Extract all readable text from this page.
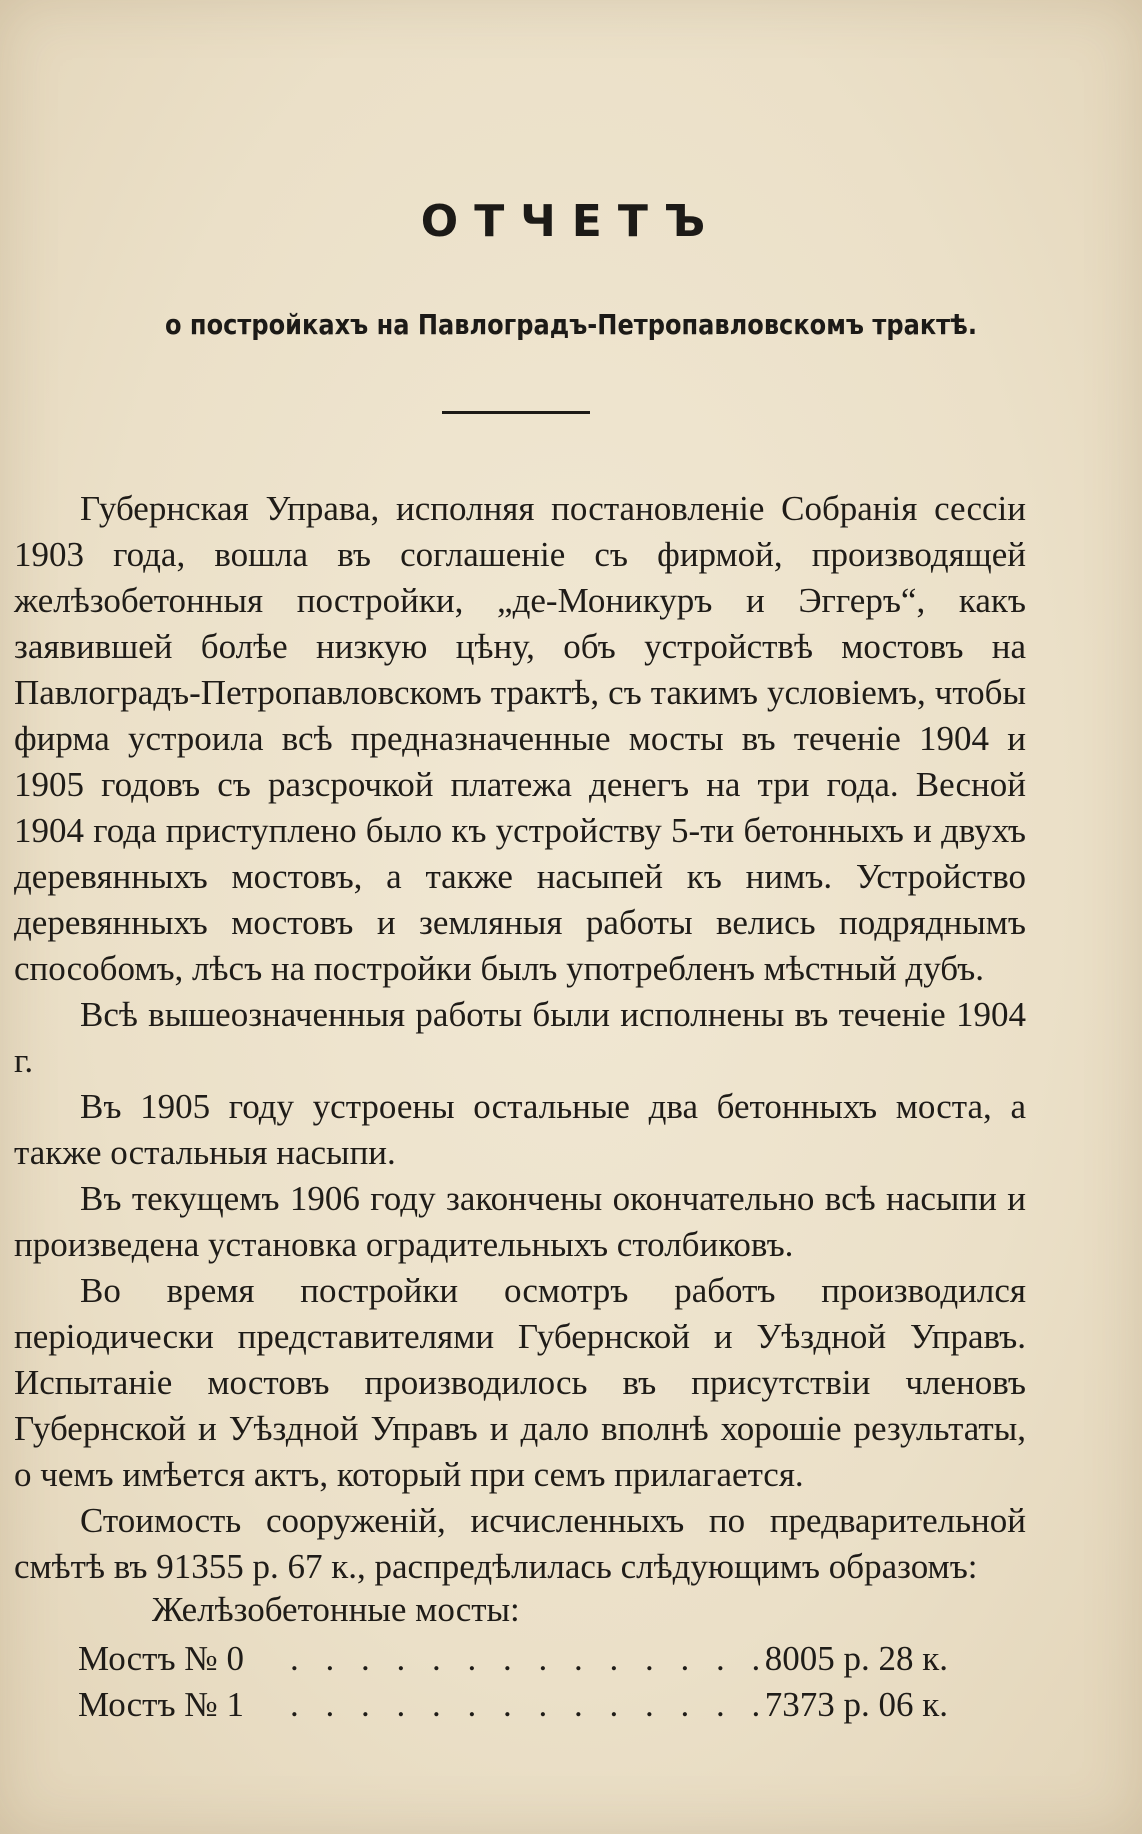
ОТЧЕТЪ
о постройкахъ на Павлоградъ-Петропавловскомъ трактѣ.

Губернская Управа, исполняя постановленіе Собранія сессіи 1903 года, вошла въ соглашеніе съ фирмой, производящей желѣзобетонныя постройки, „де-Моникуръ и Эггеръ“, какъ заявившей болѣе низкую цѣну, объ устройствѣ мостовъ на Павлоградъ-Петропавловскомъ трактѣ, съ такимъ условіемъ, чтобы фирма устроила всѣ предназначенные мосты въ теченіе 1904 и 1905 годовъ съ разсрочкой платежа денегъ на три года. Весной 1904 года приступлено было къ устройству 5-ти бетонныхъ и двухъ деревянныхъ мостовъ, а также насыпей къ нимъ. Устройство деревянныхъ мостовъ и земляныя работы велись подряднымъ способомъ, лѣсъ на постройки былъ употребленъ мѣстный дубъ.

Всѣ вышеозначенныя работы были исполнены въ теченіе 1904 г.

Въ 1905 году устроены остальные два бетонныхъ моста, а также остальныя насыпи.

Въ текущемъ 1906 году закончены окончательно всѣ насыпи и произведена установка оградительныхъ столбиковъ.

Во время постройки осмотръ работъ производился періодически представителями Губернской и Уѣздной Управъ. Испытаніе мостовъ производилось въ присутствіи членовъ Губернской и Уѣздной Управъ и дало вполнѣ хорошіе результаты, о чемъ имѣется актъ, который при семъ прилагается.

Стоимость сооруженій, исчисленныхъ по предварительной смѣтѣ въ 91355 р. 67 к., распредѣлилась слѣдующимъ образомъ:

Желѣзобетонные мосты:
Мостъ № 0 . . . . . . . . . . . . . .
8005 р. 28 к.
Мостъ № 1 . . . . . . . . . . . . . .
7373 р. 06 к.
